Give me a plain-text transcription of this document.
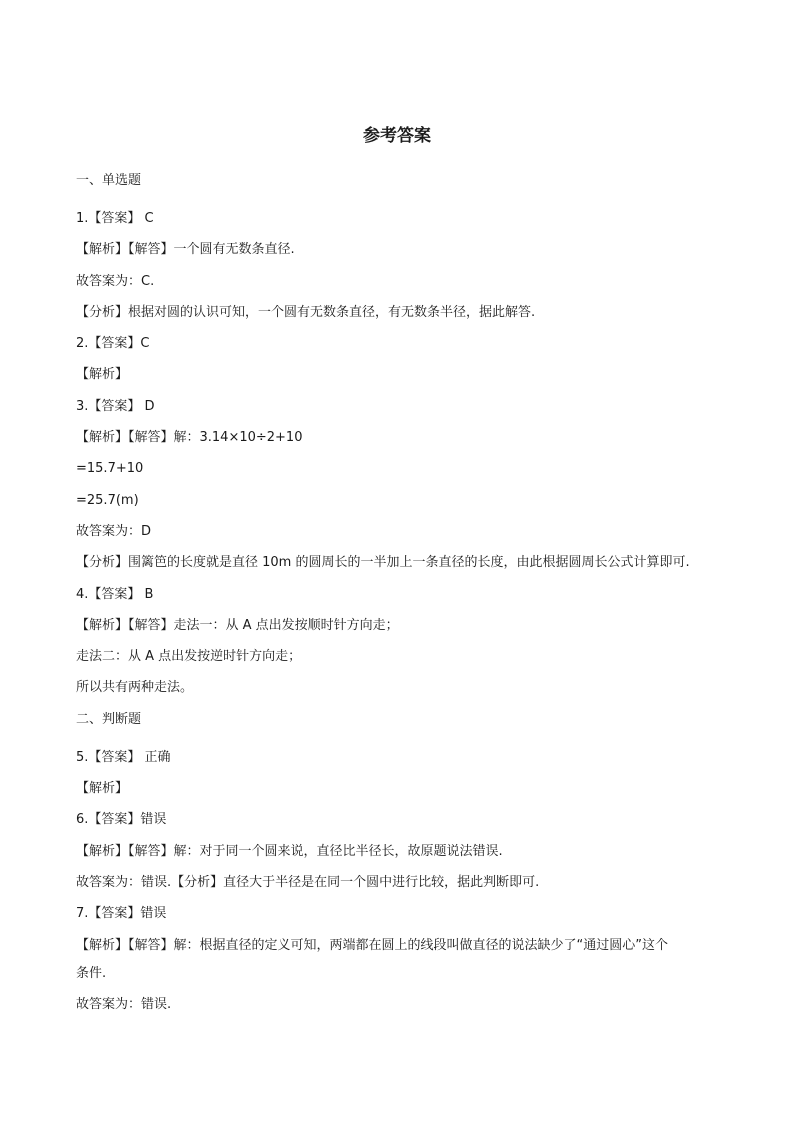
参考答案
一、单选题
1.【答案】 C
【解析】【解答】一个圆有无数条直径.
故答案为：C.
【分析】根据对圆的认识可知，一个圆有无数条直径，有无数条半径，据此解答.
2.【答案】C
【解析】
3.【答案】 D
【解析】【解答】解：3.14×10÷2+10
=15.7+10
=25.7(m)
故答案为：D
【分析】围篱笆的长度就是直径 10m 的圆周长的一半加上一条直径的长度，由此根据圆周长公式计算即可.
4.【答案】 B
【解析】【解答】走法一：从 A 点出发按顺时针方向走；
走法二：从 A 点出发按逆时针方向走；
所以共有两种走法。
二、判断题
5.【答案】 正确
【解析】
6.【答案】错误
【解析】【解答】解：对于同一个圆来说，直径比半径长，故原题说法错误.
故答案为：错误.【分析】直径大于半径是在同一个圆中进行比较，据此判断即可.
7.【答案】错误
【解析】【解答】解：根据直径的定义可知，两端都在圆上的线段叫做直径的说法缺少了“通过圆心”这个
条件.
故答案为：错误.
